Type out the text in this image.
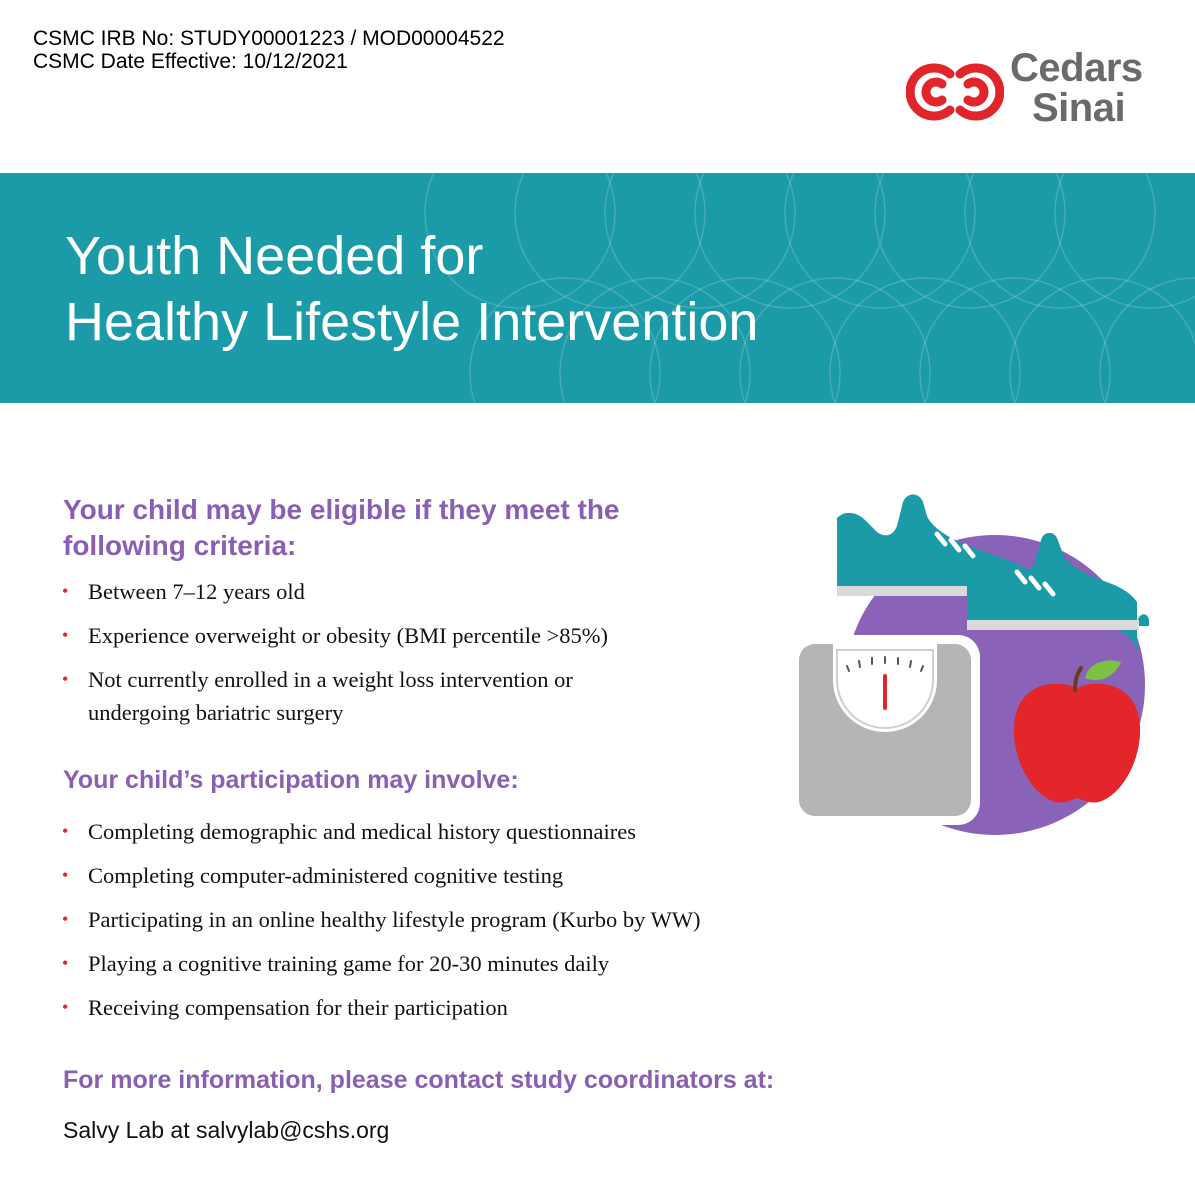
CSMC IRB No: STUDY00001223 / MOD00004522
CSMC Date Effective: 10/12/2021	Cedars
Sinai
Youth Needed for
Healthy Lifestyle Intervention
Your child may be eligible if they meet the
following criteria:
• Between 7–12 years old
• Experience overweight or obesity (BMI percentile >85%)
• Not currently enrolled in a weight loss intervention or
undergoing bariatric surgery
Your child’s participation may involve:
• Completing demographic and medical history questionnaires
• Completing computer-administered cognitive testing
• Participating in an online healthy lifestyle program (Kurbo by WW)
• Playing a cognitive training game for 20-30 minutes daily
• Receiving compensation for their participation
For more information, please contact study coordinators at:
Salvy Lab at salvylab@cshs.org
